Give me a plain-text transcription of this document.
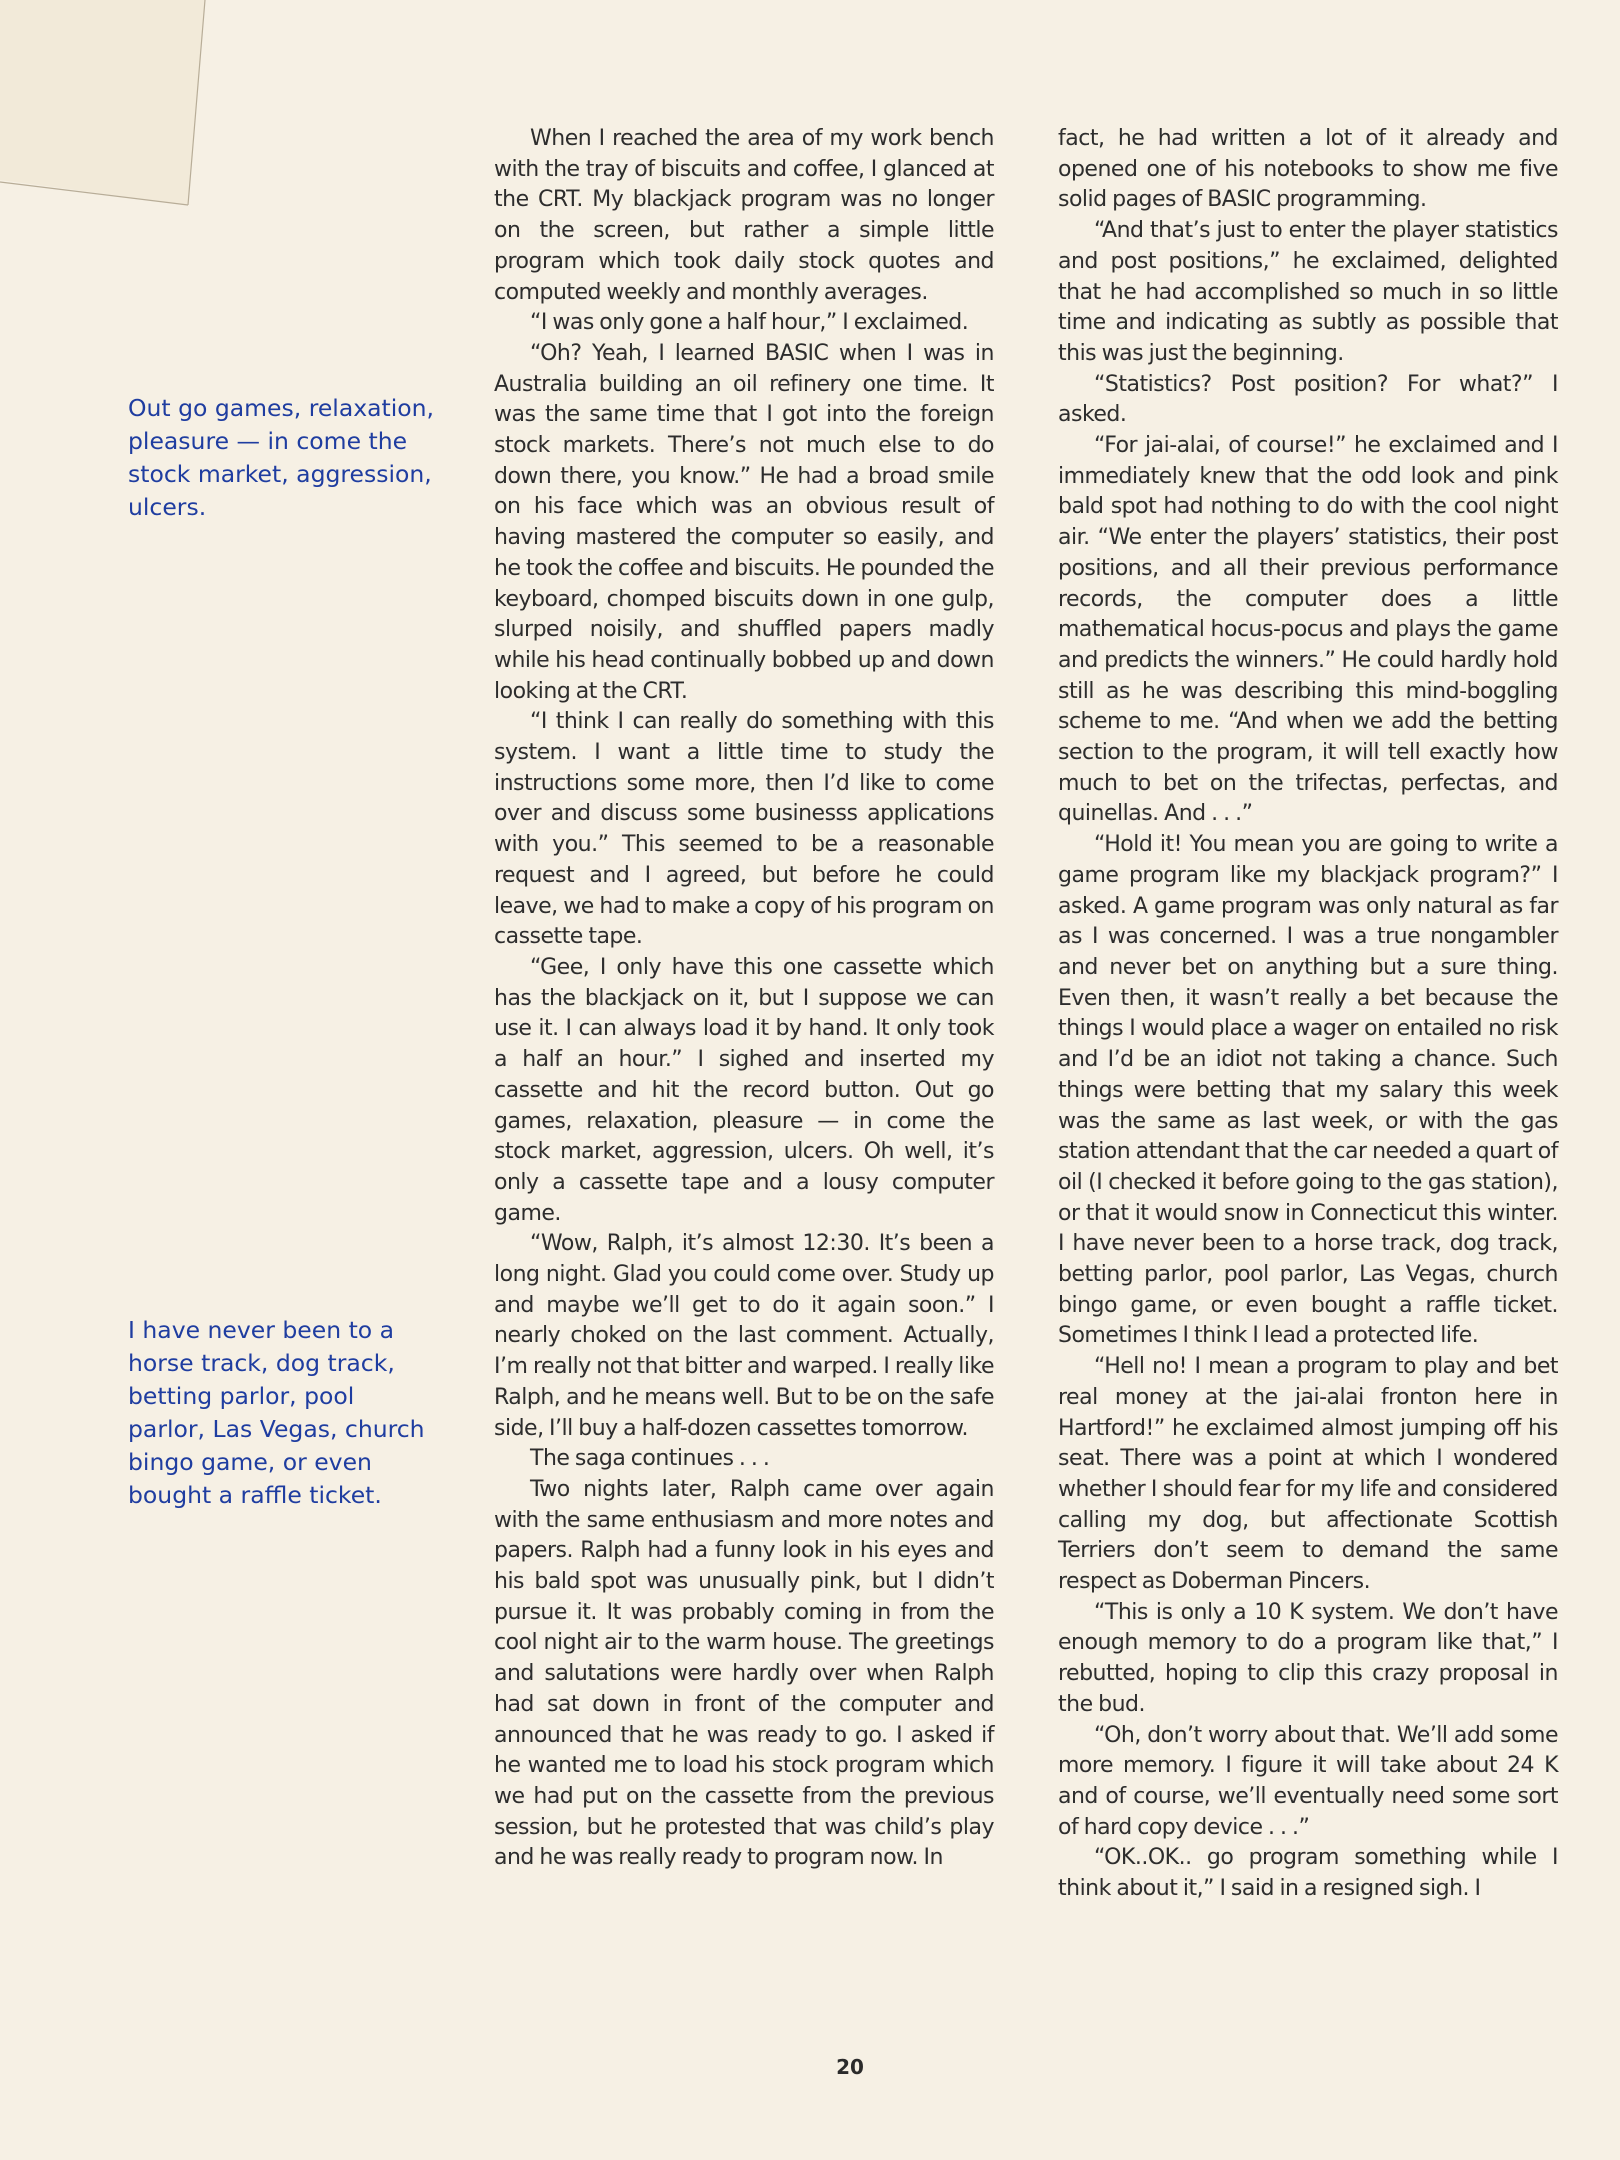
Out go games, relaxation, pleasure — in come the stock market, aggression, ulcers.

I have never been to a horse track, dog track, betting parlor, pool parlor, Las Vegas, church bingo game, or even bought a raffle ticket.

When I reached the area of my work bench with the tray of biscuits and coffee, I glanced at the CRT. My blackjack program was no longer on the screen, but rather a simple little program which took daily stock quotes and computed weekly and monthly averages.

“I was only gone a half hour,” I exclaimed.

“Oh? Yeah, I learned BASIC when I was in Australia building an oil refinery one time. It was the same time that I got into the foreign stock markets. There’s not much else to do down there, you know.” He had a broad smile on his face which was an obvious result of having mastered the computer so easily, and he took the coffee and biscuits. He pounded the keyboard, chomped biscuits down in one gulp, slurped noisily, and shuffled papers madly while his head continually bobbed up and down looking at the CRT.

“I think I can really do something with this system. I want a little time to study the instructions some more, then I’d like to come over and discuss some businesss applications with you.” This seemed to be a reasonable request and I agreed, but before he could leave, we had to make a copy of his program on cassette tape.

“Gee, I only have this one cassette which has the blackjack on it, but I suppose we can use it. I can always load it by hand. It only took a half an hour.” I sighed and inserted my cassette and hit the record button. Out go games, relaxation, pleasure — in come the stock market, aggression, ulcers. Oh well, it’s only a cassette tape and a lousy computer game.

“Wow, Ralph, it’s almost 12:30. It’s been a long night. Glad you could come over. Study up and maybe we’ll get to do it again soon.” I nearly choked on the last comment. Actually, I’m really not that bitter and warped. I really like Ralph, and he means well. But to be on the safe side, I’ll buy a half-dozen cassettes tomorrow.

The saga continues . . .

Two nights later, Ralph came over again with the same enthusiasm and more notes and papers. Ralph had a funny look in his eyes and his bald spot was unusually pink, but I didn’t pursue it. It was probably coming in from the cool night air to the warm house. The greetings and salutations were hardly over when Ralph had sat down in front of the computer and announced that he was ready to go. I asked if he wanted me to load his stock program which we had put on the cassette from the previous session, but he protested that was child’s play and he was really ready to program now. In

fact, he had written a lot of it already and opened one of his notebooks to show me five solid pages of BASIC programming.

“And that’s just to enter the player statistics and post positions,” he exclaimed, delighted that he had accomplished so much in so little time and indicating as subtly as possible that this was just the beginning.

“Statistics? Post position? For what?” I asked.

“For jai-alai, of course!” he exclaimed and I immediately knew that the odd look and pink bald spot had nothing to do with the cool night air. “We enter the players’ statistics, their post positions, and all their previous performance records, the computer does a little mathematical hocus-pocus and plays the game and predicts the winners.” He could hardly hold still as he was describing this mind-boggling scheme to me. “And when we add the betting section to the program, it will tell exactly how much to bet on the trifectas, perfectas, and quinellas. And . . .”

“Hold it! You mean you are going to write a game program like my blackjack program?” I asked. A game program was only natural as far as I was concerned. I was a true nongambler and never bet on anything but a sure thing. Even then, it wasn’t really a bet because the things I would place a wager on entailed no risk and I’d be an idiot not taking a chance. Such things were betting that my salary this week was the same as last week, or with the gas station attendant that the car needed a quart of oil (I checked it before going to the gas station), or that it would snow in Connecticut this winter. I have never been to a horse track, dog track, betting parlor, pool parlor, Las Vegas, church bingo game, or even bought a raffle ticket. Sometimes I think I lead a protected life.

“Hell no! I mean a program to play and bet real money at the jai-alai fronton here in Hartford!” he exclaimed almost jumping off his seat. There was a point at which I wondered whether I should fear for my life and considered calling my dog, but affectionate Scottish Terriers don’t seem to demand the same respect as Doberman Pincers.

“This is only a 10 K system. We don’t have enough memory to do a program like that,” I rebutted, hoping to clip this crazy proposal in the bud.

“Oh, don’t worry about that. We’ll add some more memory. I figure it will take about 24 K and of course, we’ll eventually need some sort of hard copy device . . .”

“OK..OK.. go program something while I think about it,” I said in a resigned sigh. I

20
